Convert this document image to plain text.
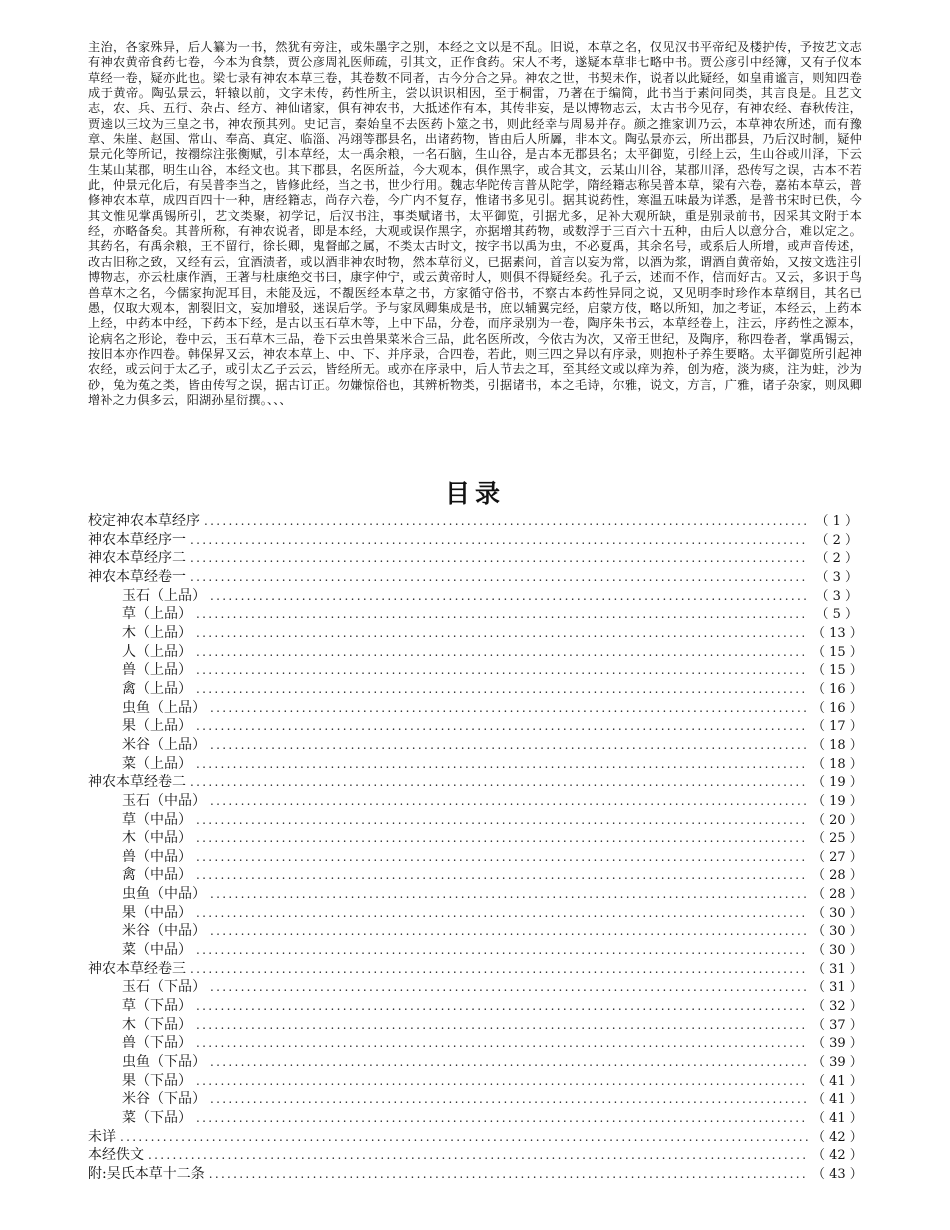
主治，各家殊异，后人纂为一书，然犹有旁注，或朱墨字之别，本经之文以是不乱。旧说，本草之名，仅见汉书平帝纪及楼护传，予按艺文志有神农黄帝食药七卷，今本为食禁，贾公彦周礼医师疏，引其文，正作食药。宋人不考，遂疑本草非七略中书。贾公彦引中经簿，又有子仪本草经一卷，疑亦此也。梁七录有神农本草三卷，其卷数不同者，古今分合之异。神农之世，书契未作，说者以此疑经，如皇甫谧言，则知四卷成于黄帝。陶弘景云，轩辕以前，文字未传，药性所主，尝以识识相因，至于桐雷，乃著在于编简，此书当于素问同类，其言良是。且艺文志，农、兵、五行、杂占、经方、神仙诸家，俱有神农书，大抵述作有本，其传非妄，是以博物志云，太古书今见存，有神农经、春秋传注，贾逵以三坟为三皇之书，神农预其列。史记言，秦始皇不去医药卜筮之书，则此经幸与周易并存。颜之推家训乃云，本草神农所述，而有豫章、朱崖、赵国、常山、奉高、真定、临淄、冯翊等郡县名，出诸药物，皆由后人所羼，非本文。陶弘景亦云，所出郡县，乃后汉时制，疑仲景元化等所记，按禤综注张衡赋，引本草经，太一禹余粮，一名石脑，生山谷，是古本无郡县名；太平御览，引经上云，生山谷或川泽，下云生某山某郡，明生山谷，本经文也。其下郡县，名医所益，今大观本，俱作黑字，或合其文，云某山川谷，某郡川泽，恐传写之误，古本不若此，仲景元化后，有吴普李当之，皆修此经，当之书，世少行用。魏志华陀传言普从陀学，隋经籍志称吴普本草，梁有六卷，嘉祐本草云，普修神农本草，成四百四十一种，唐经籍志，尚存六卷，今广内不复存，惟诸书多见引。据其说药性，寒温五味最为详悉，是普书宋时已佚，今其文惟见掌禹锡所引，艺文类聚，初学记，后汉书注，事类赋诸书，太平御览，引据尤多，足补大观所缺，重是别录前书，因采其文附于本经，亦略备矣。其普所称，有神农说者，即是本经，大观或误作黑字，亦据增其药物，或数浮于三百六十五种，由后人以意分合，难以定之。其药名，有禹余粮，王不留行，徐长卿，鬼督邮之属，不类太古时文，按字书以禹为虫，不必夏禹，其余名号，或系后人所增，或声音传述，改古旧称之致，又经有云，宜酒渍者，或以酒非神农时物，然本草衍义，已据素问，首言以妄为常，以酒为浆，谓酒自黄帝始，又按文选注引博物志，亦云杜康作酒，王著与杜康绝交书曰，康字仲宁，或云黄帝时人，则俱不得疑经矣。孔子云，述而不作，信而好古。又云，多识于鸟兽草木之名，今儒家拘泥耳目，未能及远，不覩医经本草之书，方家循守俗书，不察古本药性异同之说，又见明李时珍作本草纲目，其名已愚，仅取大观本，割裂旧文，妄加增驳，迷误后学。予与家凤卿集成是书，庶以辅翼完经，启蒙方伎，略以所知，加之考证，本经云，上药本上经，中药本中经，下药本下经，是古以玉石草木等，上中下品，分卷，而序录别为一卷，陶序朱书云，本草经卷上，注云，序药性之源本，论病名之形论，卷中云，玉石草木三品，卷下云虫兽果菜米合三品，此名医所改，今依古为次，又帝王世纪，及陶序，称四卷者，掌禹锡云，按旧本亦作四卷。韩保昇又云，神农本草上、中、下、并序录，合四卷，若此，则三四之异以有序录，则抱朴子养生要略。太平御览所引起神农经，或云问于太乙子，或引太乙子云云，皆经所无。或亦在序录中，后人节去之耳，至其经文或以痒为养，创为疮，淡为痰，注为蛀，沙为砂，兔为菟之类，皆由传写之误，据古订正。勿嫌惊俗也，其辨析物类，引据诸书，本之毛诗，尔雅，说文，方言，广雅，诸子杂家，则凤卿增补之力俱多云，阳湖孙星衍撰。、、、

目录
校定神农本草经序 .....	（ 1 ）
神农本草经序一 .....	（ 2 ）
神农本草经序二 .....	（ 2 ）
神农本草经卷一 .....	（ 3 ）
玉石（上品） .....	（ 3 ）
草（上品） .....	（ 5 ）
木（上品） .....	（ 13 ）
人（上品） .....	（ 15 ）
兽（上品） .....	（ 15 ）
禽（上品） .....	（ 16 ）
虫鱼（上品） .....	（ 16 ）
果（上品） .....	（ 17 ）
米谷（上品） .....	（ 18 ）
菜（上品） .....	（ 18 ）
神农本草经卷二 .....	（ 19 ）
玉石（中品） .....	（ 19 ）
草（中品） .....	（ 20 ）
木（中品） .....	（ 25 ）
兽（中品） .....	（ 27 ）
禽（中品） .....	（ 28 ）
虫鱼（中品） .....	（ 28 ）
果（中品） .....	（ 30 ）
米谷（中品） .....	（ 30 ）
菜（中品） .....	（ 30 ）
神农本草经卷三 .....	（ 31 ）
玉石（下品） .....	（ 31 ）
草（下品） .....	（ 32 ）
木（下品） .....	（ 37 ）
兽（下品） .....	（ 39 ）
虫鱼（下品） .....	（ 39 ）
果（下品） .....	（ 41 ）
米谷（下品） .....	（ 41 ）
菜（下品） .....	（ 41 ）
未详 .....	（ 42 ）
本经佚文 .....	（ 42 ）
附:吴氏本草十二条 .....	（ 43 ）
